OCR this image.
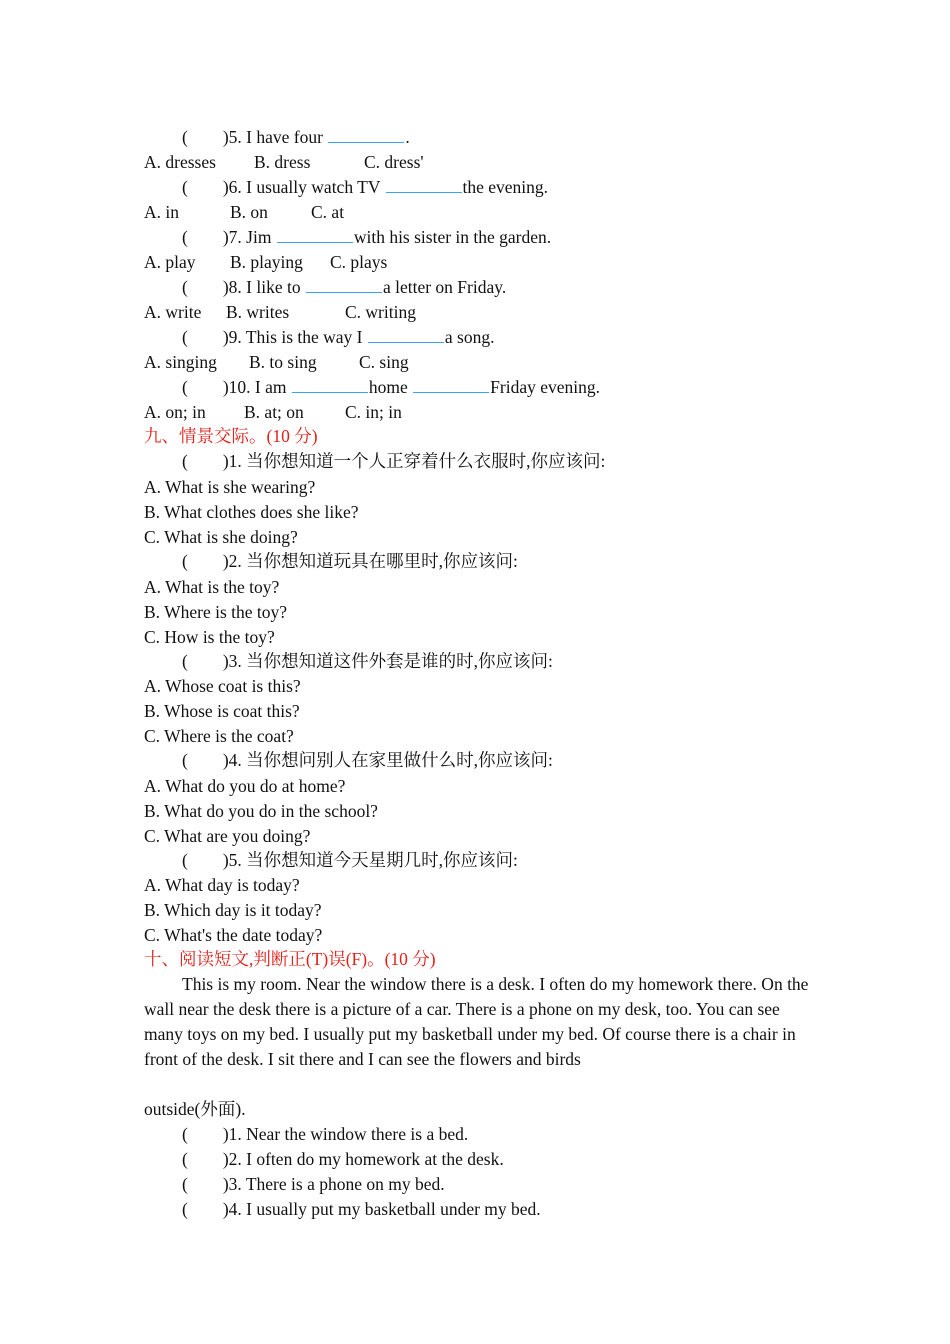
(        )5. I have four	.
A. dresses B. dress	C. dress'
(        )6. I usually watch TV	the evening.
A. in	B. on C. at
(        )7. Jim	with his sister in the garden.
A. play B. playing C. plays
(        )8. I like to	a letter on Friday.
A. write B. writes	C. writing
(        )9. This is the way I	a song.
A. singing B. to sing C. sing
(        )10. I am	home	Friday evening.
A. on; in B. at; on C. in; in
九、情景交际。(10 分)
(        )1. 当你想知道一个人正穿着什么衣服时,你应该问:
A. What is she wearing?
B. What clothes does she like?
C. What is she doing?
(        )2. 当你想知道玩具在哪里时,你应该问:
A. What is the toy?
B. Where is the toy?
C. How is the toy?
(        )3. 当你想知道这件外套是谁的时,你应该问:
A. Whose coat is this?
B. Whose is coat this?
C. Where is the coat?
(        )4. 当你想问别人在家里做什么时,你应该问:
A. What do you do at home?
B. What do you do in the school?
C. What are you doing?
(        )5. 当你想知道今天星期几时,你应该问:
A. What day is today?
B. Which day is it today?
C. What's the date today?
十、阅读短文,判断正(T)误(F)。(10 分)

This is my room. Near the window there is a desk. I often do my homework there. On the wall near the desk there is a picture of a car. There is a phone on my desk, too. You can see many toys on my bed. I usually put my basketball under my bed. Of course there is a chair in front of the desk. I sit there and I can see the flowers and birds

outside(外面).

(        )1. Near the window there is a bed.
(        )2. I often do my homework at the desk.
(        )3. There is a phone on my bed.
(        )4. I usually put my basketball under my bed.
